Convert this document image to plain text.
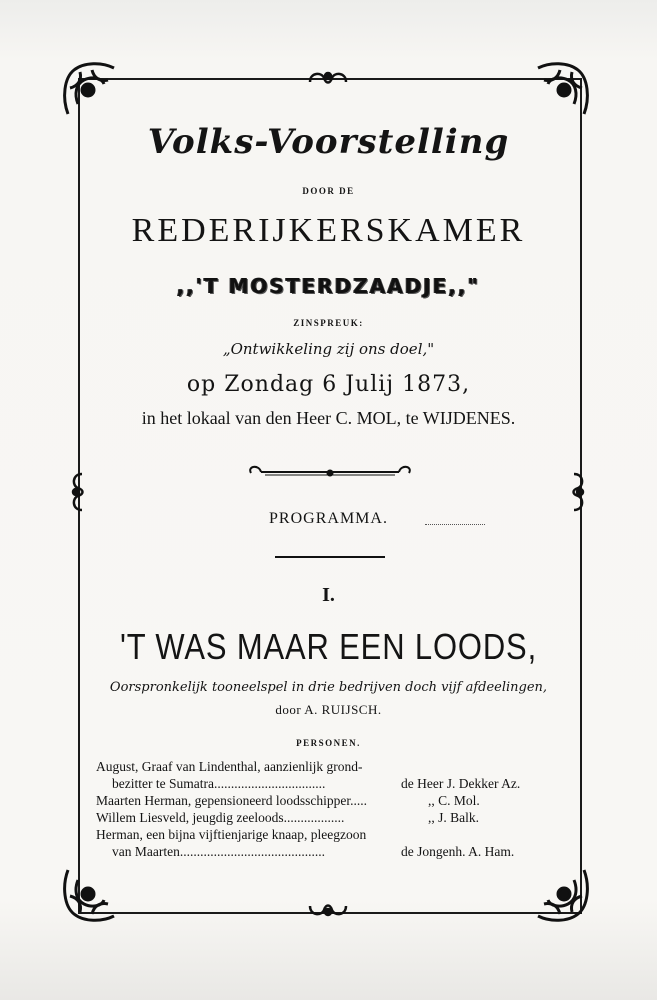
Volks-Voorstelling
DOOR DE
REDERIJKERSKAMER
,,'T MOSTERDZAADJE,,"
ZINSPREUK:
„Ontwikkeling zij ons doel,"
op Zondag 6 Julij 1873,
in het lokaal van den Heer C. MOL, te WIJDENES.
PROGRAMMA.
I.
'T WAS MAAR EEN LOODS,
Oorspronkelijk tooneelspel in drie bedrijven doch vijf afdeelingen,
door A. RUIJSCH.
PERSONEN.
August, Graaf van Lindenthal, aanzienlijk grond-
bezitter te Sumatra.................................	de Heer J. Dekker Az.
Maarten Herman, gepensioneerd loodsschipper.....	,, C. Mol.
Willem Liesveld, jeugdig zeeloods..................	,, J. Balk.
Herman, een bijna vijftienjarige knaap, pleegzoon
van Maarten...........................................	de Jongenh. A. Ham.
